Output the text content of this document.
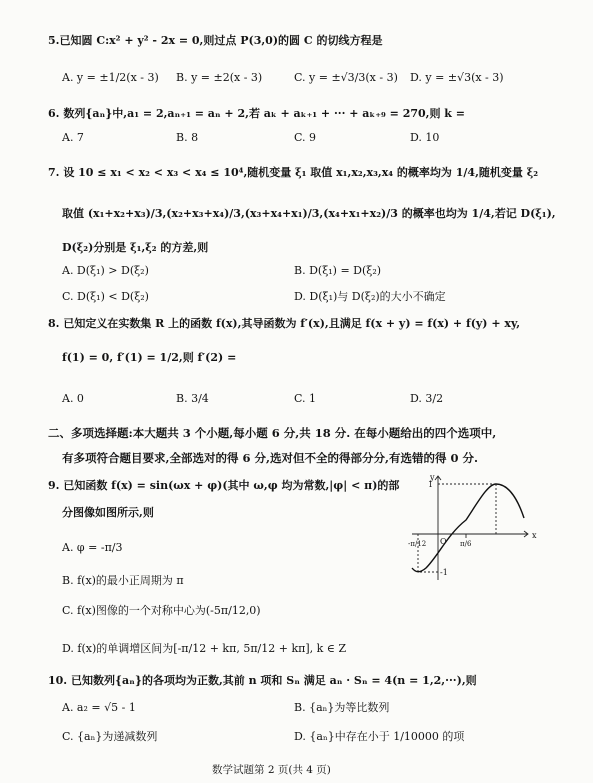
5.已知圆 C:x² + y² - 2x = 0,则过点 P(3,0)的圆 C 的切线方程是
A. y = ±1/2(x - 3) B. y = ±2(x - 3)	C. y = ±√3/3(x - 3) D. y = ±√3(x - 3)
6. 数列{aₙ}中,a₁ = 2,aₙ₊₁ = aₙ + 2,若 aₖ + aₖ₊₁ + ··· + aₖ₊₉ = 270,则 k =
A. 7	B. 8	C. 9	D. 10
7. 设 10 ≤ x₁ < x₂ < x₃ < x₄ ≤ 10⁴,随机变量 ξ₁ 取值 x₁,x₂,x₃,x₄ 的概率均为 1/4,随机变量 ξ₂
取值 (x₁+x₂+x₃)/3,(x₂+x₃+x₄)/3,(x₃+x₄+x₁)/3,(x₄+x₁+x₂)/3 的概率也均为 1/4,若记 D(ξ₁),
D(ξ₂)分别是 ξ₁,ξ₂ 的方差,则
A. D(ξ₁) > D(ξ₂)	B. D(ξ₁) = D(ξ₂)
C. D(ξ₁) < D(ξ₂)	D. D(ξ₁)与 D(ξ₂)的大小不确定
8. 已知定义在实数集 R 上的函数 f(x),其导函数为 f′(x),且满足 f(x + y) = f(x) + f(y) + xy,
f(1) = 0, f′(1) = 1/2,则 f′(2) =
A. 0	B. 3/4	C. 1	D. 3/2
二、多项选择题:本大题共 3 个小题,每小题 6 分,共 18 分. 在每小题给出的四个选项中,
有多项符合题目要求,全部选对的得 6 分,选对但不全的得部分分,有选错的得 0 分.
9. 已知函数 f(x) = sin(ωx + φ)(其中 ω,φ 均为常数,|φ| < π)的部
分图像如图所示,则
A. φ = -π/3
B. f(x)的最小正周期为 π
C. f(x)图像的一个对称中心为(-5π/12,0)
D. f(x)的单调增区间为[-π/12 + kπ, 5π/12 + kπ], k ∈ Z
y
x
O
1
-1
-π/12	π/6
10. 已知数列{aₙ}的各项均为正数,其前 n 项和 Sₙ 满足 aₙ · Sₙ = 4(n = 1,2,···),则
A. a₂ = √5 - 1	B. {aₙ}为等比数列
C. {aₙ}为递减数列	D. {aₙ}中存在小于 1/10000 的项
数学试题第 2 页(共 4 页)
